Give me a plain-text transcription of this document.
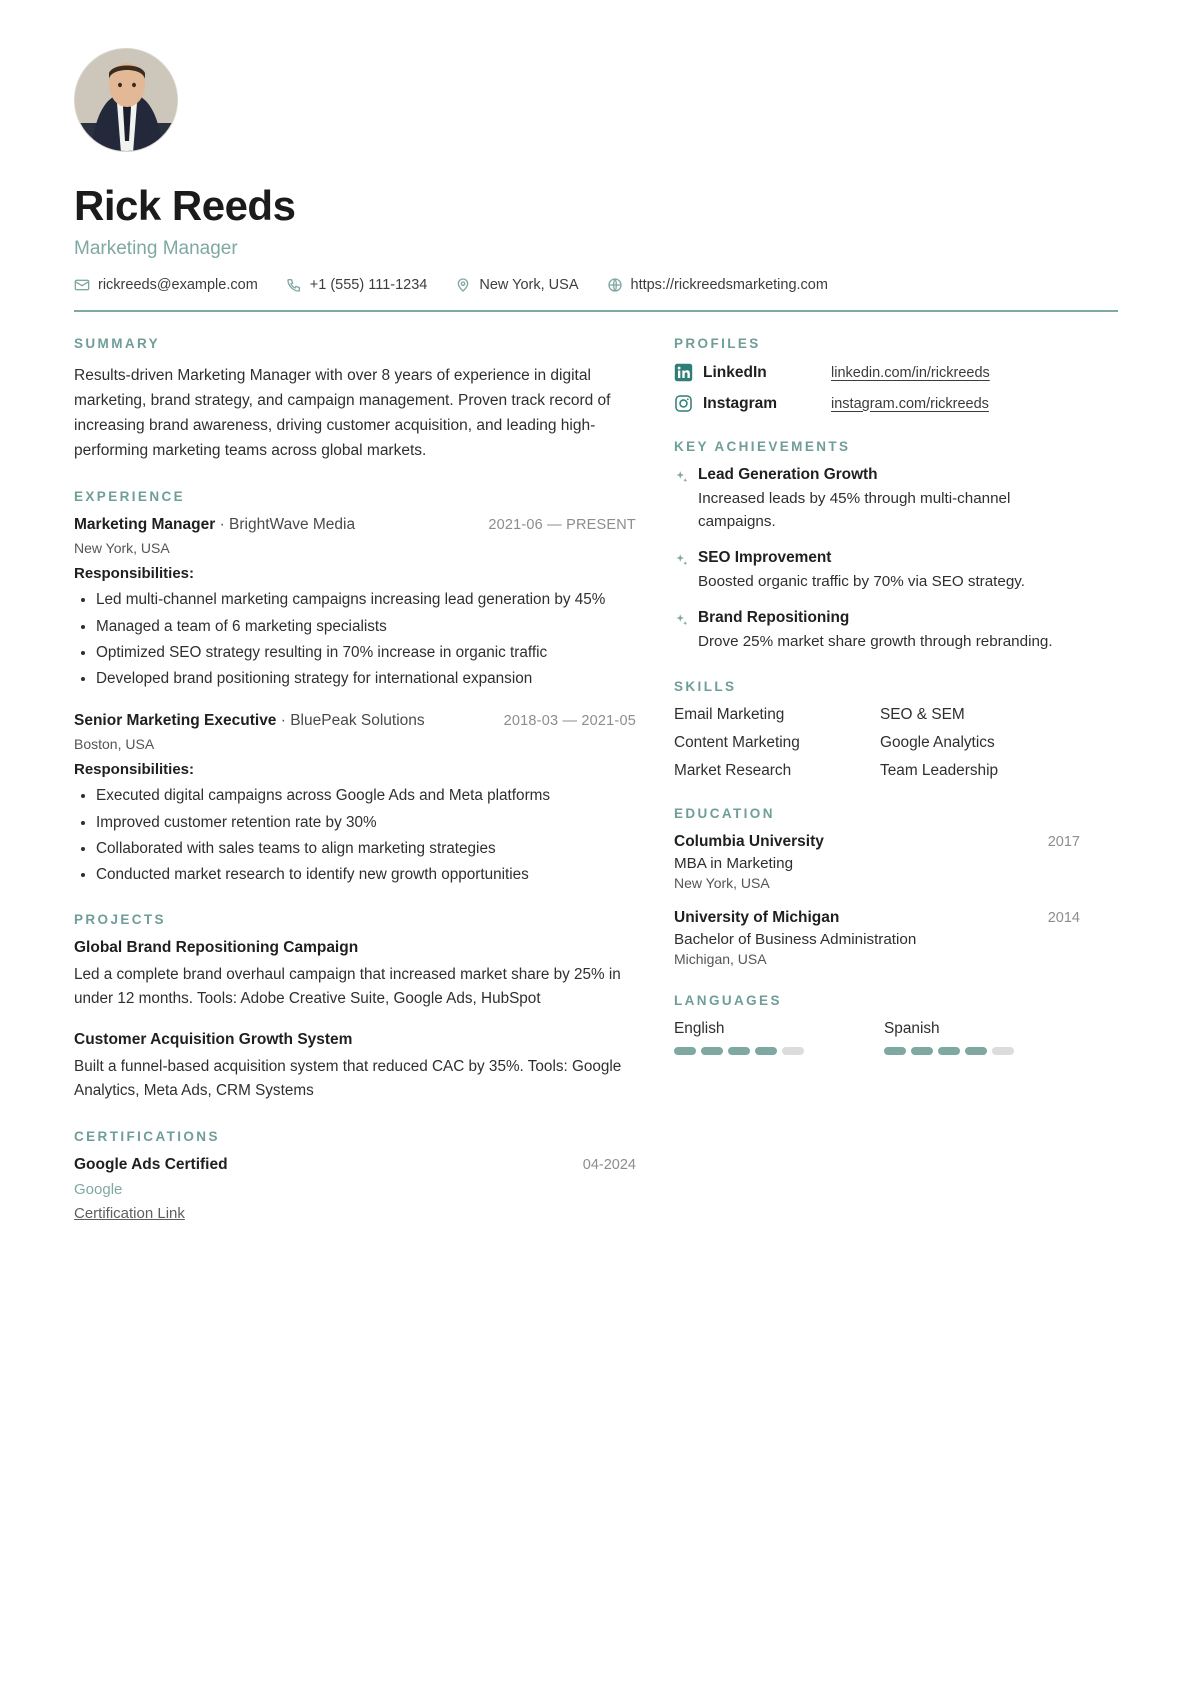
Rick Reeds
Marketing Manager
rickreeds@example.com	+1 (555) 111-1234	New York, USA	https://rickreedsmarketing.com
SUMMARY
Results-driven Marketing Manager with over 8 years of experience in digital marketing, brand strategy, and campaign management. Proven track record of increasing brand awareness, driving customer acquisition, and leading high-performing marketing teams across global markets.
EXPERIENCE
Marketing Manager · BrightWave Media	2021-06 — PRESENT
New York, USA
Responsibilities:
• Led multi-channel marketing campaigns increasing lead generation by 45%
• Managed a team of 6 marketing specialists
• Optimized SEO strategy resulting in 70% increase in organic traffic
• Developed brand positioning strategy for international expansion
Senior Marketing Executive · BluePeak Solutions	2018-03 — 2021-05
Boston, USA
Responsibilities:
• Executed digital campaigns across Google Ads and Meta platforms
• Improved customer retention rate by 30%
• Collaborated with sales teams to align marketing strategies
• Conducted market research to identify new growth opportunities
PROJECTS
Global Brand Repositioning Campaign
Led a complete brand overhaul campaign that increased market share by 25% in under 12 months. Tools: Adobe Creative Suite, Google Ads, HubSpot
Customer Acquisition Growth System
Built a funnel-based acquisition system that reduced CAC by 35%. Tools: Google Analytics, Meta Ads, CRM Systems
CERTIFICATIONS
Google Ads Certified	04-2024
Google
Certification Link
PROFILES
LinkedIn	linkedin.com/in/rickreeds
Instagram	instagram.com/rickreeds
KEY ACHIEVEMENTS
Lead Generation Growth
Increased leads by 45% through multi-channel campaigns.
SEO Improvement
Boosted organic traffic by 70% via SEO strategy.
Brand Repositioning
Drove 25% market share growth through rebranding.
SKILLS
Email Marketing	SEO & SEM
Content Marketing	Google Analytics
Market Research	Team Leadership
EDUCATION
Columbia University	2017
MBA in Marketing
New York, USA
University of Michigan	2014
Bachelor of Business Administration
Michigan, USA
LANGUAGES
English	Spanish
